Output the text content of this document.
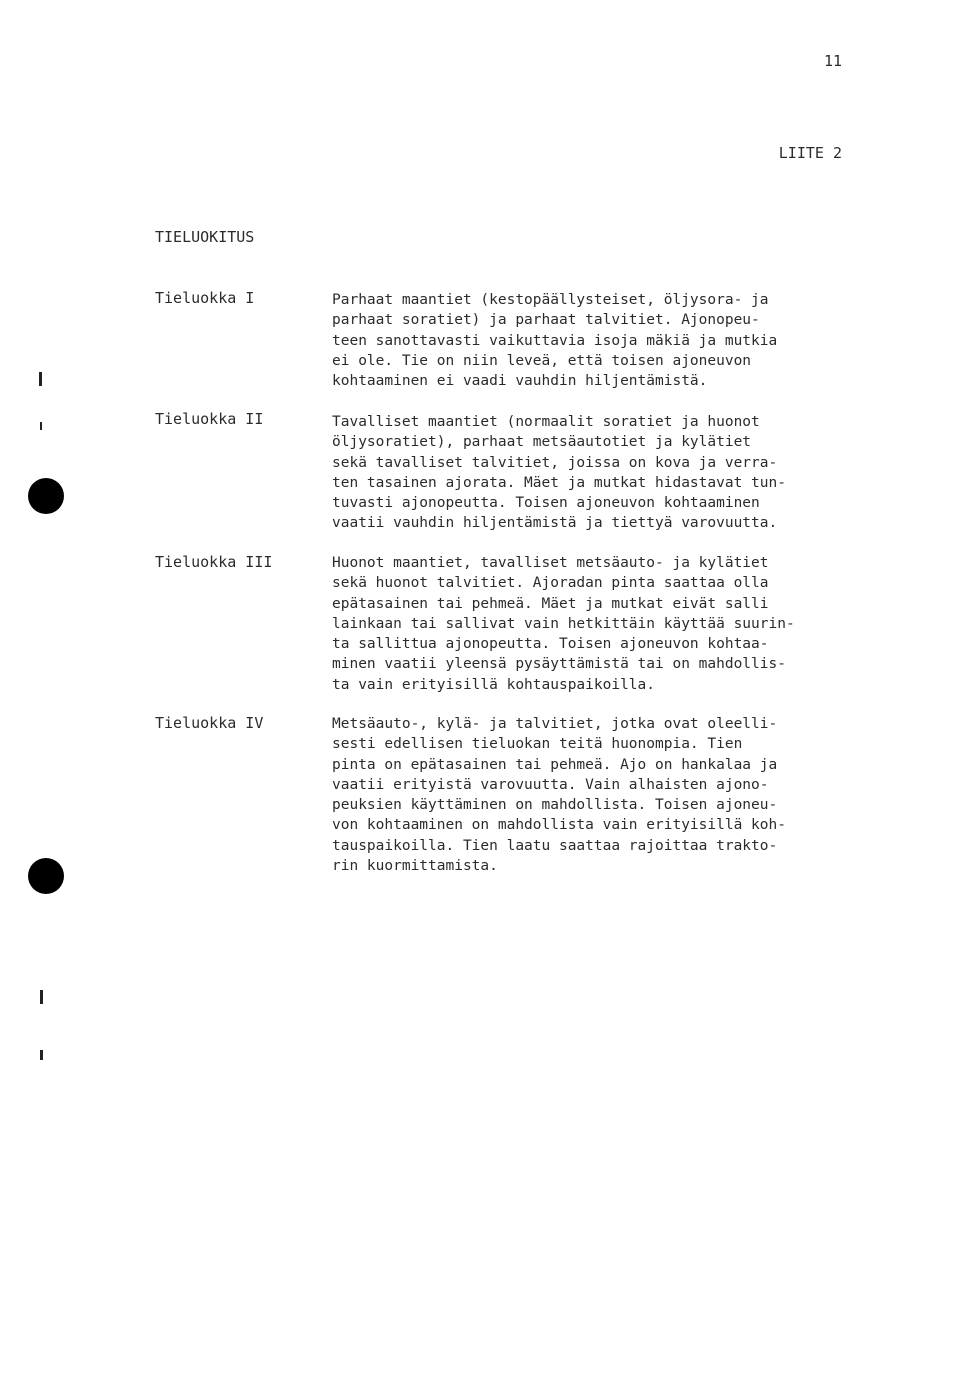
11
LIITE 2
TIELUOKITUS
Tieluokka I	Parhaat maantiet (kestopäällysteiset, öljysora- ja
parhaat soratiet) ja parhaat talvitiet. Ajonopeu-
teen sanottavasti vaikuttavia isoja mäkiä ja mutkia
ei ole. Tie on niin leveä, että toisen ajoneuvon
kohtaaminen ei vaadi vauhdin hiljentämistä.
Tieluokka II	Tavalliset maantiet (normaalit soratiet ja huonot
öljysoratiet), parhaat metsäautotiet ja kylätiet
sekä tavalliset talvitiet, joissa on kova ja verra-
ten tasainen ajorata. Mäet ja mutkat hidastavat tun-
tuvasti ajonopeutta. Toisen ajoneuvon kohtaaminen
vaatii vauhdin hiljentämistä ja tiettyä varovuutta.
Tieluokka III	Huonot maantiet, tavalliset metsäauto- ja kylätiet
sekä huonot talvitiet. Ajoradan pinta saattaa olla
epätasainen tai pehmeä. Mäet ja mutkat eivät salli
lainkaan tai sallivat vain hetkittäin käyttää suurin-
ta sallittua ajonopeutta. Toisen ajoneuvon kohtaa-
minen vaatii yleensä pysäyttämistä tai on mahdollis-
ta vain erityisillä kohtauspaikoilla.
Tieluokka IV	Metsäauto-, kylä- ja talvitiet, jotka ovat oleelli-
sesti edellisen tieluokan teitä huonompia. Tien
pinta on epätasainen tai pehmeä. Ajo on hankalaa ja
vaatii erityistä varovuutta. Vain alhaisten ajono-
peuksien käyttäminen on mahdollista. Toisen ajoneu-
von kohtaaminen on mahdollista vain erityisillä koh-
tauspaikoilla. Tien laatu saattaa rajoittaa trakto-
rin kuormittamista.
